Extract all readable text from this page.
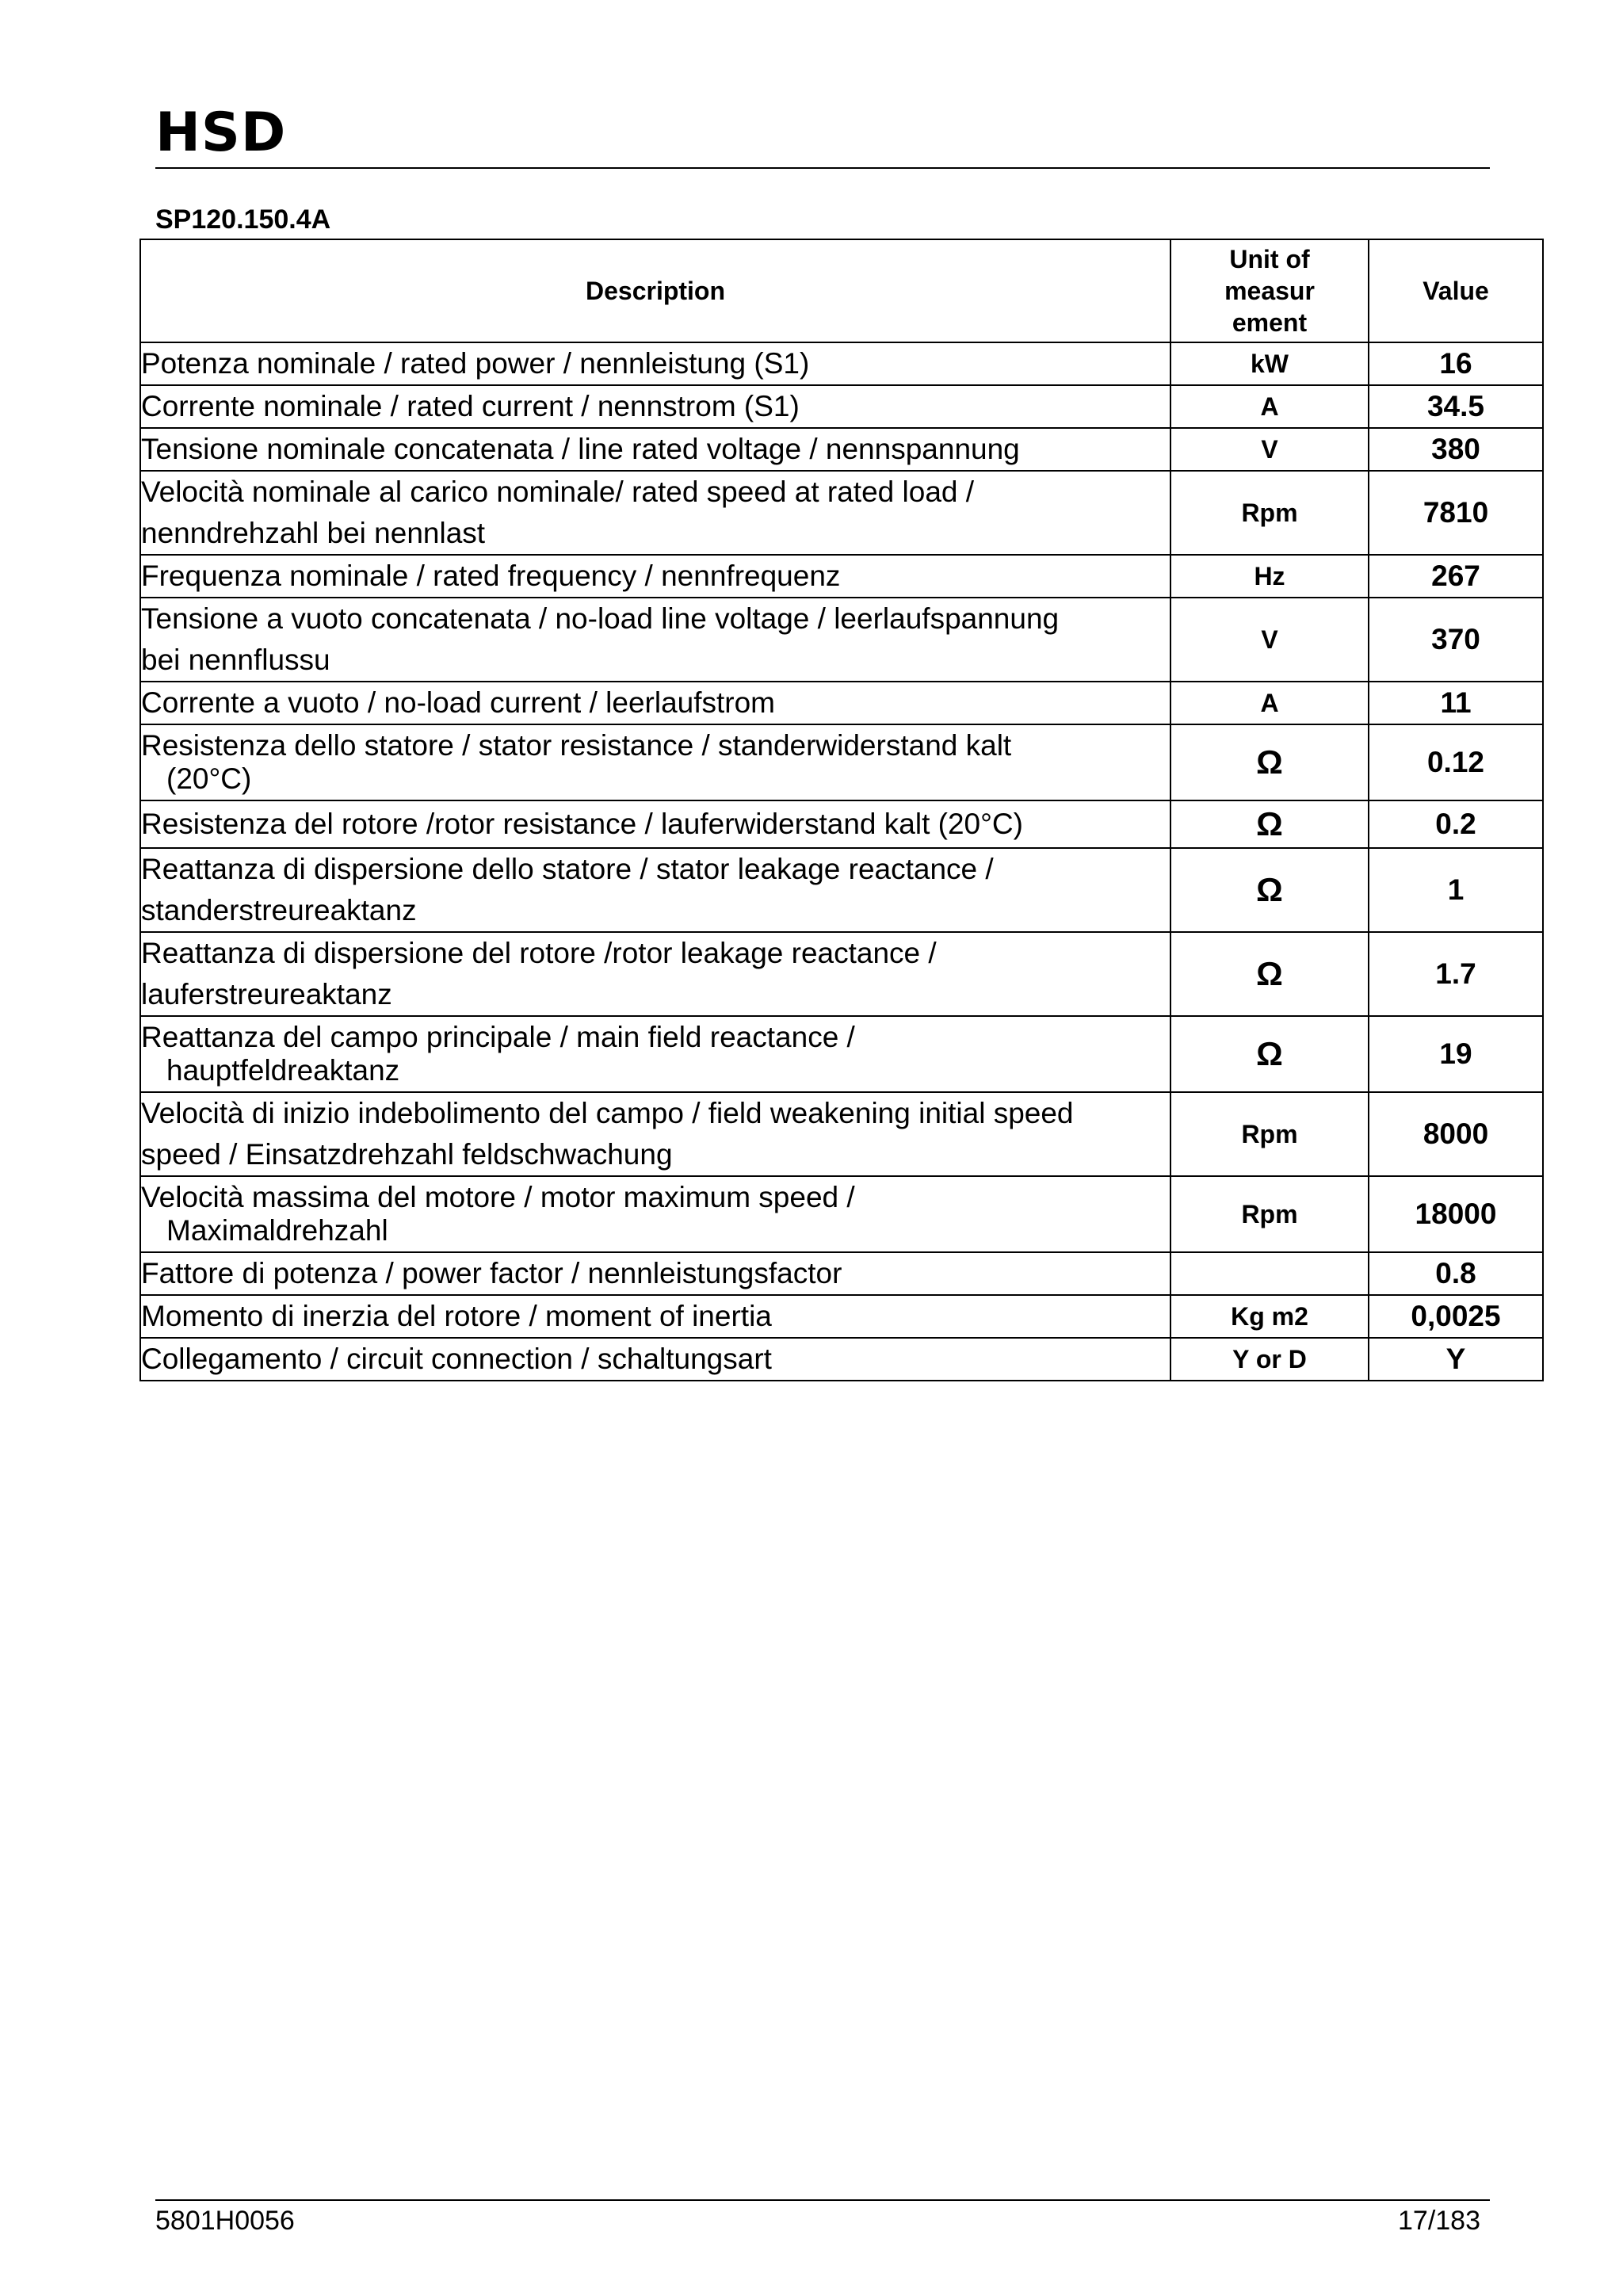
HSD
SP120.150.4A
Description	Unit of
measur
ement	Value

Potenza nominale / rated power / nennleistung (S1)	kW	16

Corrente nominale / rated current / nennstrom (S1)	A	34.5

Tensione nominale concatenata / line rated voltage / nennspannung	V	380

Velocità nominale al carico nominale/ rated speed at rated load /
nenndrehzahl bei nennlast	Rpm	7810

Frequenza nominale / rated frequency / nennfrequenz	Hz	267

Tensione a vuoto concatenata / no-load line voltage / leerlaufspannung
bei nennflussu	V	370

Corrente a vuoto / no-load current / leerlaufstrom	A	11

Resistenza dello statore / stator resistance / standerwiderstand kalt
(20°C)	Ω	0.12

Resistenza del rotore /rotor resistance / lauferwiderstand kalt (20°C)	Ω	0.2

Reattanza di dispersione dello statore / stator leakage reactance /
standerstreureaktanz	Ω	1

Reattanza di dispersione del rotore /rotor leakage reactance /
lauferstreureaktanz	Ω	1.7

Reattanza del campo principale / main field reactance /
hauptfeldreaktanz	Ω	19

Velocità di inizio indebolimento del campo / field weakening initial speed
speed / Einsatzdrehzahl feldschwachung	Rpm	8000

Velocità massima del motore / motor maximum speed /
Maximaldrehzahl	Rpm	18000

Fattore di potenza / power factor / nennleistungsfactor		0.8

Momento di inerzia del rotore / moment of inertia	Kg m2	0,0025

Collegamento / circuit connection / schaltungsart	Y or D	Y
5801H0056	17/183
